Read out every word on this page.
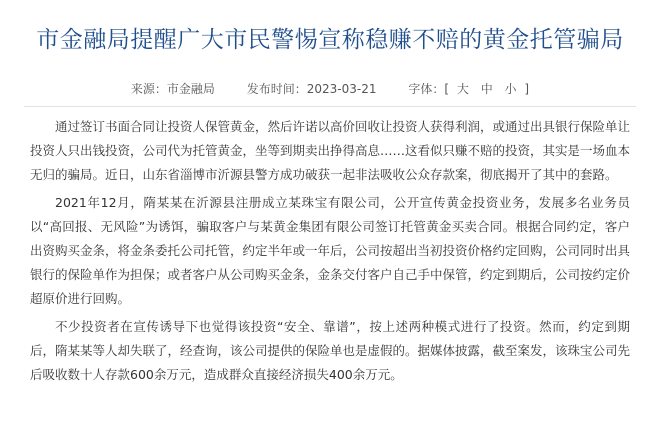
市金融局提醒广大市民警惕宣称稳赚不赔的黄金托管骗局
来源：市金融局	发布时间：2023-03-21	字体：[ 大 中 小 ]

通过签订书面合同让投资人保管黄金，然后许诺以高价回收让投资人获得利润，或通过出具银行保险单让投资人只出钱投资，公司代为托管黄金，坐等到期卖出挣得高息……这看似只赚不赔的投资，其实是一场血本无归的骗局。近日，山东省淄博市沂源县警方成功破获一起非法吸收公众存款案，彻底揭开了其中的套路。

2021年12月，隋某某在沂源县注册成立某珠宝有限公司，公开宣传黄金投资业务，发展多名业务员以“高回报、无风险”为诱饵，骗取客户与某黄金集团有限公司签订托管黄金买卖合同。根据合同约定，客户出资购买金条，将金条委托公司托管，约定半年或一年后，公司按超出当初投资价格约定回购，公司同时出具银行的保险单作为担保；或者客户从公司购买金条，金条交付客户自己手中保管，约定到期后，公司按约定价超原价进行回购。

不少投资者在宣传诱导下也觉得该投资“安全、靠谱”，按上述两种模式进行了投资。然而，约定到期后，隋某某等人却失联了，经查询，该公司提供的保险单也是虚假的。据媒体披露，截至案发，该珠宝公司先后吸收数十人存款600余万元，造成群众直接经济损失400余万元。
